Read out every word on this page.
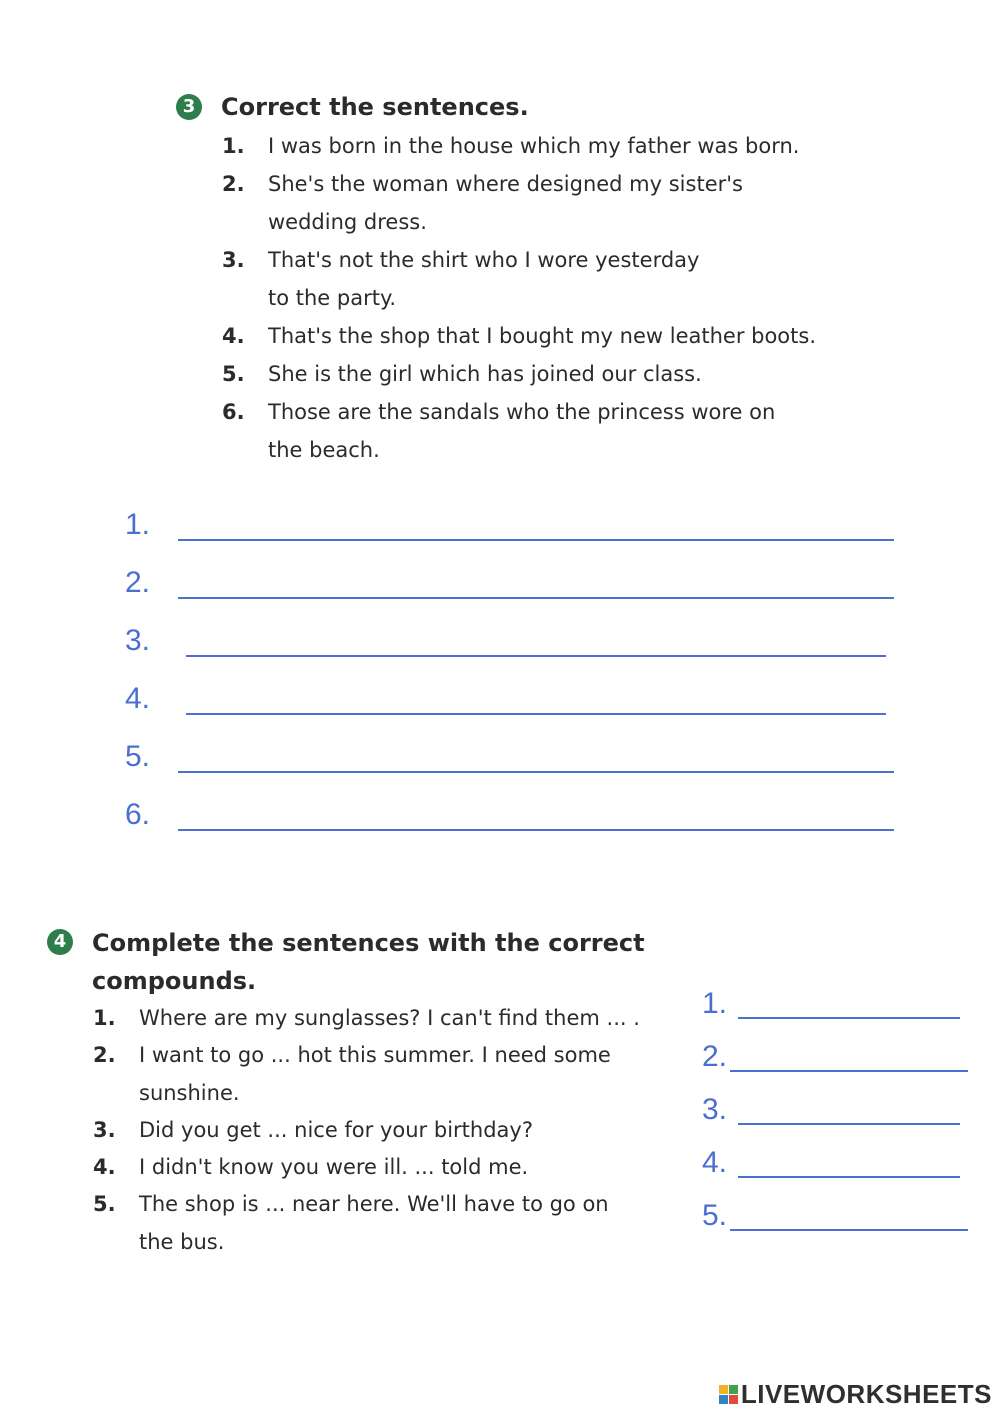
3 Correct the sentences.
1. I was born in the house which my father was born.
2. She's the woman where designed my sister's
wedding dress.
3. That's not the shirt who I wore yesterday
to the party.
4. That's the shop that I bought my new leather boots.
5. She is the girl which has joined our class.
6. Those are the sandals who the princess wore on
the beach.
1.
2.
3.
4.
5.
6.
4 Complete the sentences with the correct
compounds.
1. Where are my sunglasses? I can't find them ... .
2. I want to go ... hot this summer. I need some
sunshine.
3. Did you get ... nice for your birthday?
4. I didn't know you were ill. ... told me.
5. The shop is ... near here. We'll have to go on
the bus.
1.
2.
3.
4.
5.
LIVEWORKSHEETS
